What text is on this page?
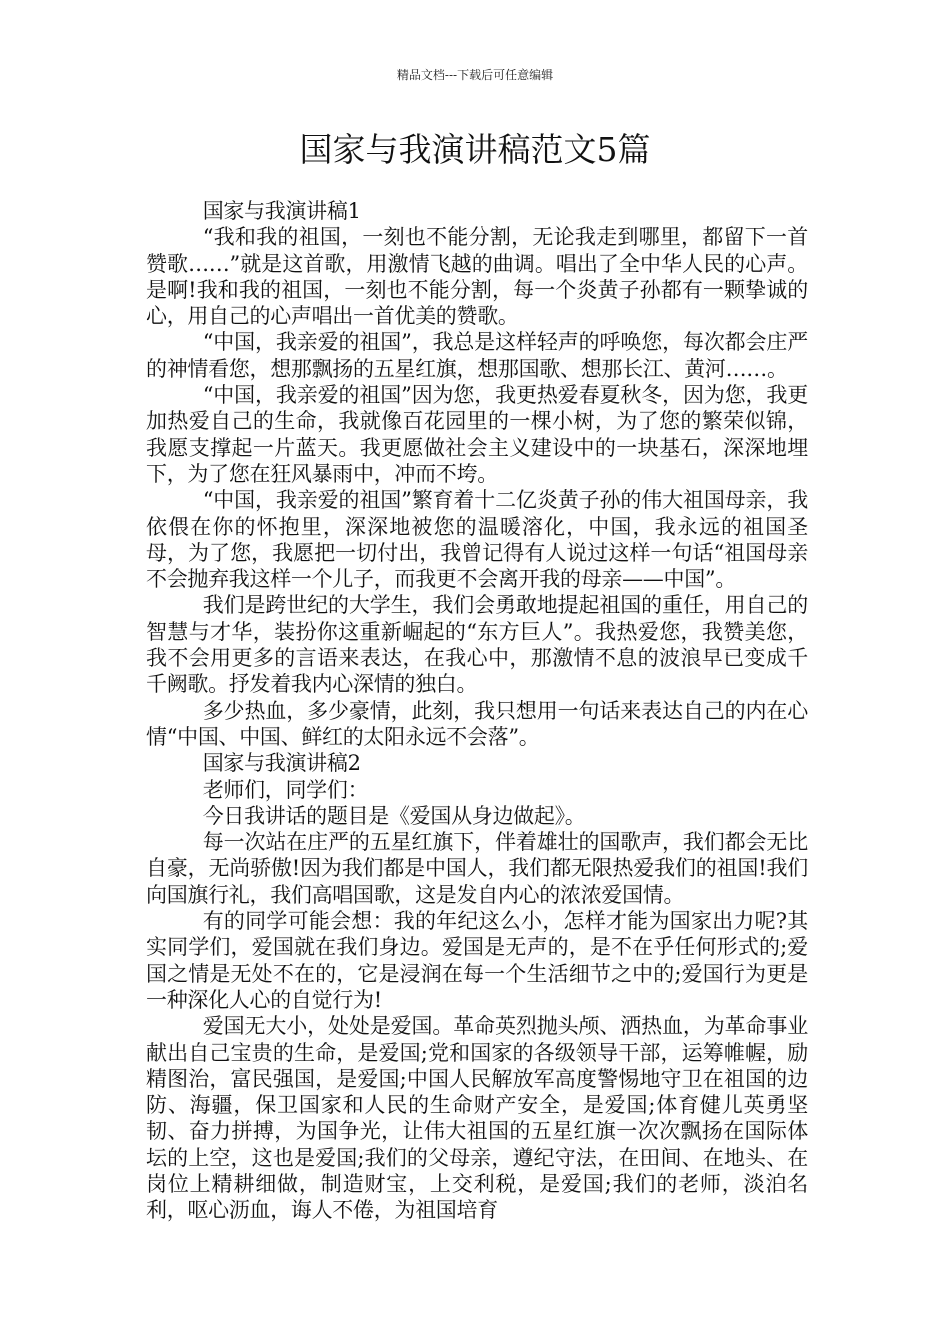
精品文档---下载后可任意编辑
国家与我演讲稿范文5篇

国家与我演讲稿1

“我和我的祖国，一刻也不能分割，无论我走到哪里，都留下一首赞歌……”就是这首歌，用激情飞越的曲调。唱出了全中华人民的心声。是啊!我和我的祖国，一刻也不能分割，每一个炎黄子孙都有一颗挚诚的心，用自己的心声唱出一首优美的赞歌。

“中国，我亲爱的祖国”，我总是这样轻声的呼唤您，每次都会庄严的神情看您，想那飘扬的五星红旗，想那国歌、想那长江、黄河……。

“中国，我亲爱的祖国”因为您，我更热爱春夏秋冬，因为您，我更加热爱自己的生命，我就像百花园里的一棵小树，为了您的繁荣似锦，我愿支撑起一片蓝天。我更愿做社会主义建设中的一块基石，深深地埋下，为了您在狂风暴雨中，冲而不垮。

“中国，我亲爱的祖国”繁育着十二亿炎黄子孙的伟大祖国母亲，我依偎在你的怀抱里，深深地被您的温暖溶化，中国，我永远的祖国圣母，为了您，我愿把一切付出，我曾记得有人说过这样一句话“祖国母亲不会抛弃我这样一个儿子，而我更不会离开我的母亲——中国”。

我们是跨世纪的大学生，我们会勇敢地提起祖国的重任，用自己的智慧与才华，装扮你这重新崛起的“东方巨人”。我热爱您，我赞美您，我不会用更多的言语来表达，在我心中，那激情不息的波浪早已变成千千阙歌。抒发着我内心深情的独白。

多少热血，多少豪情，此刻，我只想用一句话来表达自己的内在心情“中国、中国、鲜红的太阳永远不会落”。

国家与我演讲稿2

老师们，同学们：

今日我讲话的题目是《爱国从身边做起》。

每一次站在庄严的五星红旗下，伴着雄壮的国歌声，我们都会无比自豪，无尚骄傲!因为我们都是中国人，我们都无限热爱我们的祖国!我们向国旗行礼，我们高唱国歌，这是发自内心的浓浓爱国情。

有的同学可能会想：我的年纪这么小，怎样才能为国家出力呢?其实同学们，爱国就在我们身边。爱国是无声的，是不在乎任何形式的;爱国之情是无处不在的，它是浸润在每一个生活细节之中的;爱国行为更是一种深化人心的自觉行为!

爱国无大小，处处是爱国。革命英烈抛头颅、洒热血，为革命事业献出自己宝贵的生命，是爱国;党和国家的各级领导干部，运筹帷幄，励精图治，富民强国，是爱国;中国人民解放军高度警惕地守卫在祖国的边防、海疆，保卫国家和人民的生命财产安全，是爱国;体育健儿英勇坚韧、奋力拼搏，为国争光，让伟大祖国的五星红旗一次次飘扬在国际体坛的上空，这也是爱国;我们的父母亲，遵纪守法，在田间、在地头、在岗位上精耕细做，制造财宝，上交利税，是爱国;我们的老师，淡泊名利，呕心沥血，诲人不倦，为祖国培育
